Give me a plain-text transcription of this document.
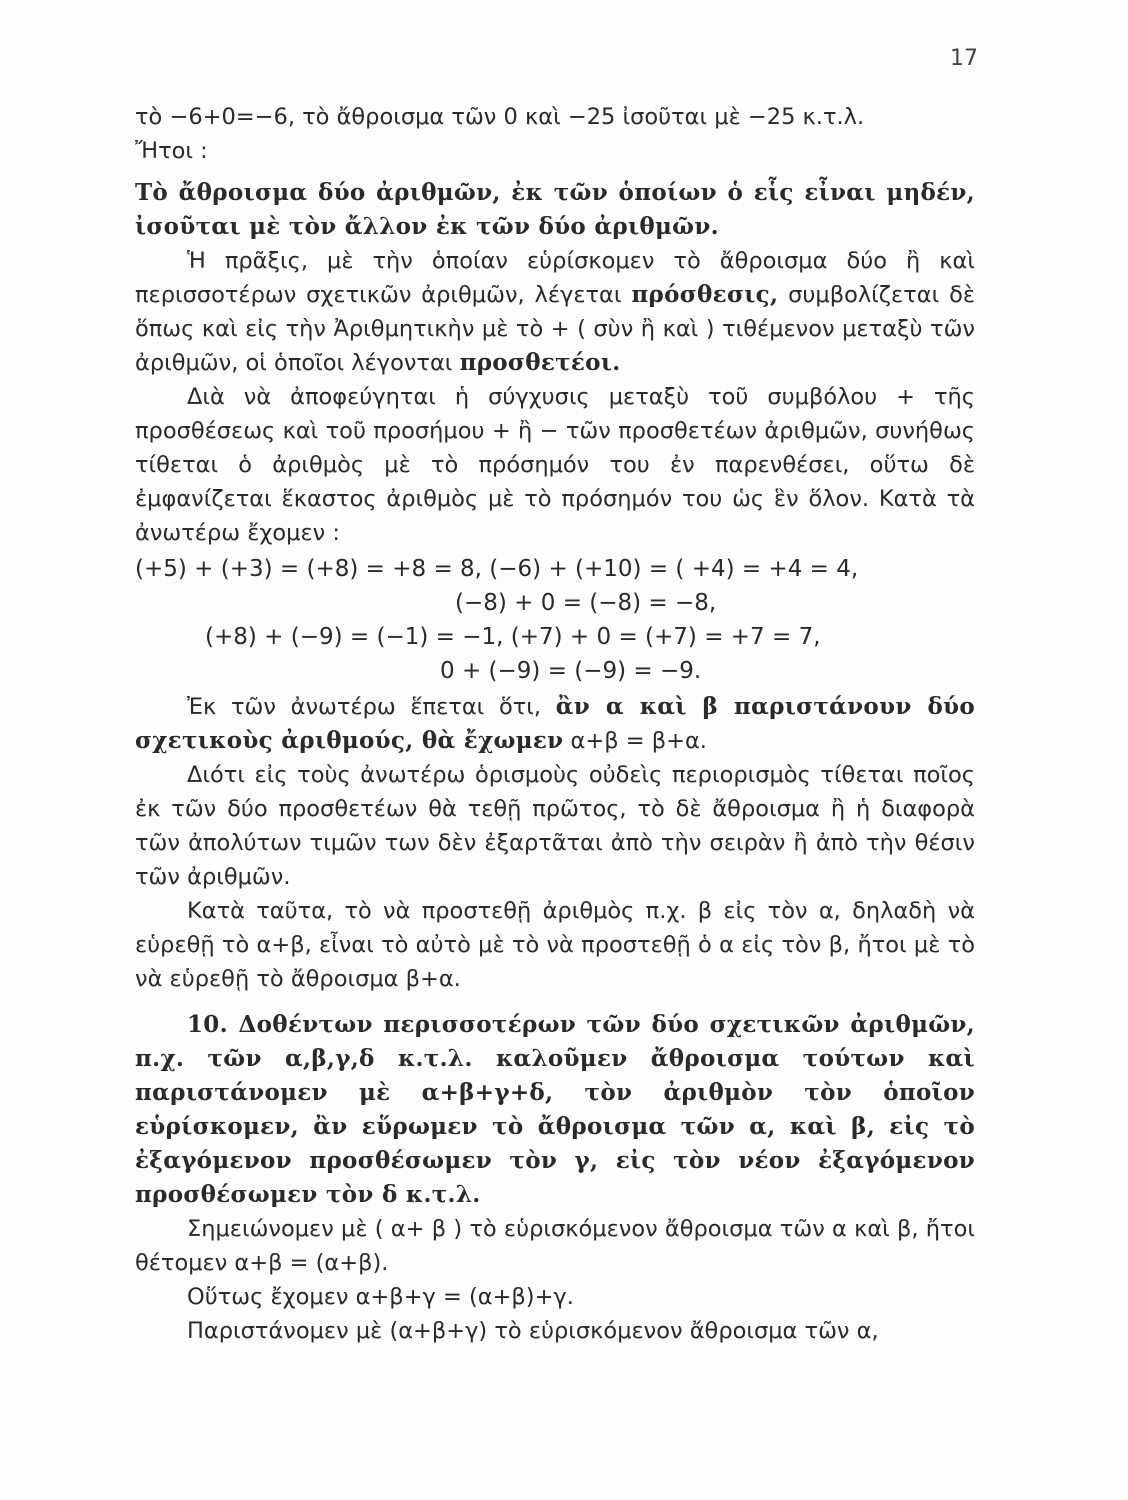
17

τὸ −6+0=−6, τὸ ἄθροισμα τῶν 0 καὶ −25 ἰσοῦται μὲ −25 κ.τ.λ.

Ἤτοι :

Τὸ ἄθροισμα δύο ἀριθμῶν, ἐκ τῶν ὁποίων ὁ εἷς εἶναι μηδέν, ἰσοῦται μὲ τὸν ἄλλον ἐκ τῶν δύο ἀριθμῶν.

Ἡ πρᾶξις, μὲ τὴν ὁποίαν εὑρίσκομεν τὸ ἄθροισμα δύο ἢ καὶ περισσοτέρων σχετικῶν ἀριθμῶν, λέγεται πρόσθεσις, συμβολίζεται δὲ ὅπως καὶ εἰς τὴν Ἀριθμητικὴν μὲ τὸ + ( σὺν ἢ καὶ ) τιθέμενον μεταξὺ τῶν ἀριθμῶν, οἱ ὁποῖοι λέγονται προσθετέοι.

Διὰ νὰ ἀποφεύγηται ἡ σύγχυσις μεταξὺ τοῦ συμβόλου + τῆς προσθέσεως καὶ τοῦ προσήμου + ἢ − τῶν προσθετέων ἀριθμῶν, συνήθως τίθεται ὁ ἀριθμὸς μὲ τὸ πρόσημόν του ἐν παρενθέσει, οὕτω δὲ ἐμφανίζεται ἕκαστος ἀριθμὸς μὲ τὸ πρόσημόν του ὡς ἓν ὅλον. Κατὰ τὰ ἀνωτέρω ἔχομεν :

(+5) + (+3) = (+8) = +8 = 8, (−6) + (+10) = ( +4) = +4 = 4,
(−8) + 0 = (−8) = −8,
(+8) + (−9) = (−1) = −1, (+7) + 0 = (+7) = +7 = 7,
0 + (−9) = (−9) = −9.

Ἐκ τῶν ἀνωτέρω ἕπεται ὅτι, ἂν α καὶ β παριστάνουν δύο σχετικοὺς ἀριθμούς, θὰ ἔχωμεν α+β = β+α.

Διότι εἰς τοὺς ἀνωτέρω ὁρισμοὺς οὐδεὶς περιορισμὸς τίθεται ποῖος ἐκ τῶν δύο προσθετέων θὰ τεθῇ πρῶτος, τὸ δὲ ἄθροισμα ἢ ἡ διαφορὰ τῶν ἀπολύτων τιμῶν των δὲν ἐξαρτᾶται ἀπὸ τὴν σειρὰν ἢ ἀπὸ τὴν θέσιν τῶν ἀριθμῶν.

Κατὰ ταῦτα, τὸ νὰ προστεθῇ ἀριθμὸς π.χ. β εἰς τὸν α, δηλαδὴ νὰ εὑρεθῇ τὸ α+β, εἶναι τὸ αὐτὸ μὲ τὸ νὰ προστεθῇ ὁ α εἰς τὸν β, ἤτοι μὲ τὸ νὰ εὑρεθῇ τὸ ἄθροισμα β+α.

10. Δοθέντων περισσοτέρων τῶν δύο σχετικῶν ἀριθμῶν, π.χ. τῶν α,β,γ,δ κ.τ.λ. καλοῦμεν ἄθροισμα τούτων καὶ παριστάνομεν μὲ α+β+γ+δ, τὸν ἀριθμὸν τὸν ὁποῖον εὑρίσκομεν, ἂν εὕρωμεν τὸ ἄθροισμα τῶν α, καὶ β, εἰς τὸ ἐξαγόμενον προσθέσωμεν τὸν γ, εἰς τὸν νέον ἐξαγόμενον προσθέσωμεν τὸν δ κ.τ.λ.

Σημειώνομεν μὲ ( α+ β ) τὸ εὑρισκόμενον ἄθροισμα τῶν α καὶ β, ἤτοι θέτομεν α+β = (α+β).

Οὕτως ἔχομεν α+β+γ = (α+β)+γ.

Παριστάνομεν μὲ (α+β+γ) τὸ εὑρισκόμενον ἄθροισμα τῶν α,
